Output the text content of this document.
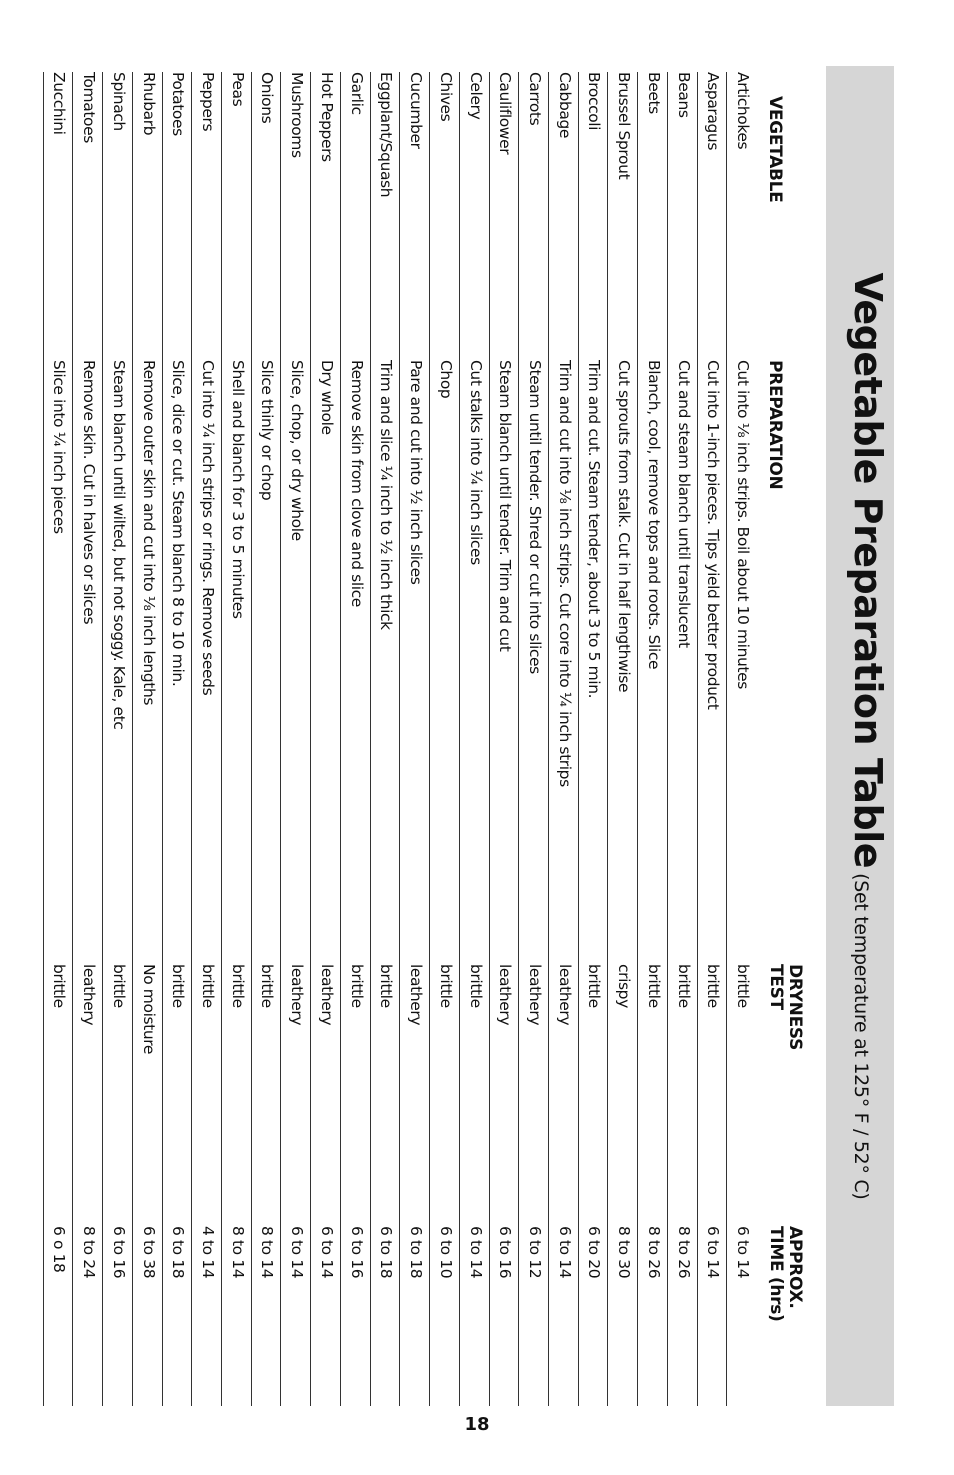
Vegetable Preparation Table (Set temperature at 125° F / 52° C)
VEGETABLE
PREPARATION
DRYNESS
TEST
APPROX.
TIME (hrs)
Artichokes
Cut into ⅛ inch strips. Boil about 10 minutes
brittle
6 to 14
Asparagus
Cut into 1-inch pieces. Tips yield better product
brittle
6 to 14
Beans
Cut and steam blanch until translucent
brittle
8 to 26
Beets
Blanch, cool, remove tops and roots. Slice
brittle
8 to 26
Brussel Sprout
Cut sprouts from stalk. Cut in half lengthwise
crispy
8 to 30
Broccoli
Trim and cut. Steam tender, about 3 to 5 min.
brittle
6 to 20
Cabbage
Trim and cut into ⅛ inch strips. Cut core into ¼ inch strips
leathery
6 to 14
Carrots
Steam until tender. Shred or cut into slices
leathery
6 to 12
Cauliflower
Steam blanch until tender. Trim and cut
leathery
6 to 16
Celery
Cut stalks into ¼ inch slices
brittle
6 to 14
Chives
Chop
brittle
6 to 10
Cucumber
Pare and cut into ½ inch slices
leathery
6 to 18
Eggplant/Squash
Trim and slice ¼ inch to ½ inch thick
brittle
6 to 18
Garlic
Remove skin from clove and slice
brittle
6 to 16
Hot Peppers
Dry whole
leathery
6 to 14
Mushrooms
Slice, chop, or dry whole
leathery
6 to 14
Onions
Slice thinly or chop
brittle
8 to 14
Peas
Shell and blanch for 3 to 5 minutes
brittle
8 to 14
Peppers
Cut into ¼ inch strips or rings. Remove seeds
brittle
4 to 14
Potatoes
Slice, dice or cut. Steam blanch 8 to 10 min.
brittle
6 to 18
Rhubarb
Remove outer skin and cut into ⅛ inch lengths
No moisture
6 to 38
Spinach
Steam blanch until wilted, but not soggy. Kale, etc
brittle
6 to 16
Tomatoes
Remove skin. Cut in halves or slices
leathery
8 to 24
Zucchini
Slice into ¼ inch pieces
brittle
6 o 18
18
